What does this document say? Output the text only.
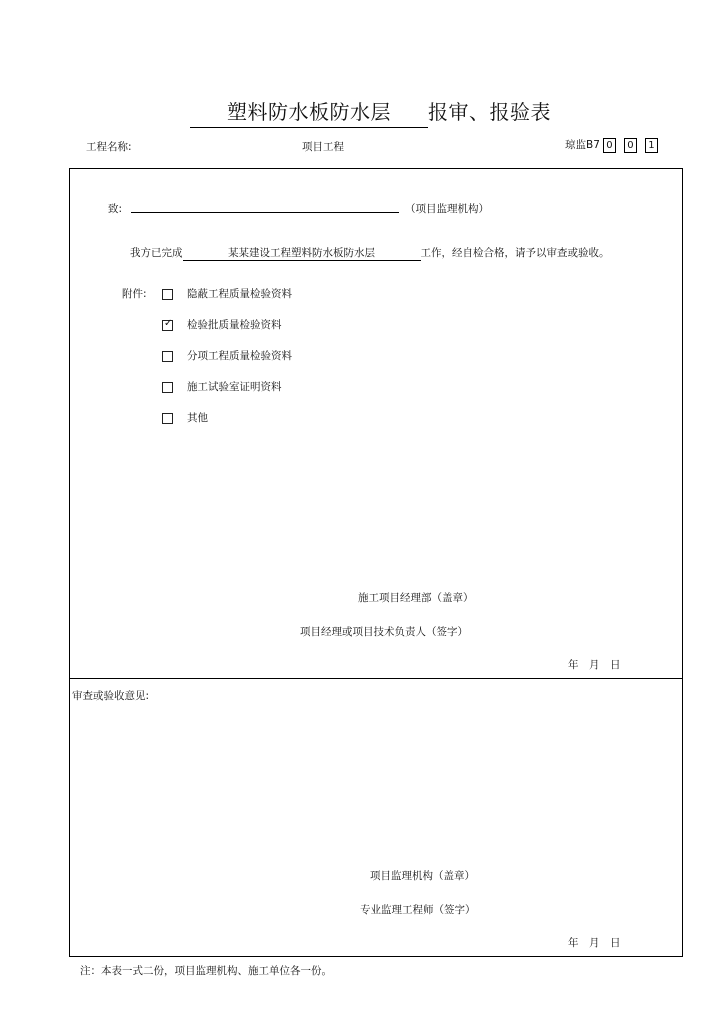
塑料防水板防水层 报审、报验表
工程名称:	项目工程	琼监B7 0 0 1
致:	（项目监理机构）
我方已完成	某某建设工程塑料防水板防水层	工作，经自检合格，请予以审查或验收。
附件:	隐蔽工程质量检验资料
✓ 检验批质量检验资料
分项工程质量检验资料
施工试验室证明资料
其他
施工项目经理部（盖章）
项目经理或项目技术负责人（签字）
年　月　日
审查或验收意见:
项目监理机构（盖章）
专业监理工程师（签字）
年　月　日
注：本表一式二份，项目监理机构、施工单位各一份。
